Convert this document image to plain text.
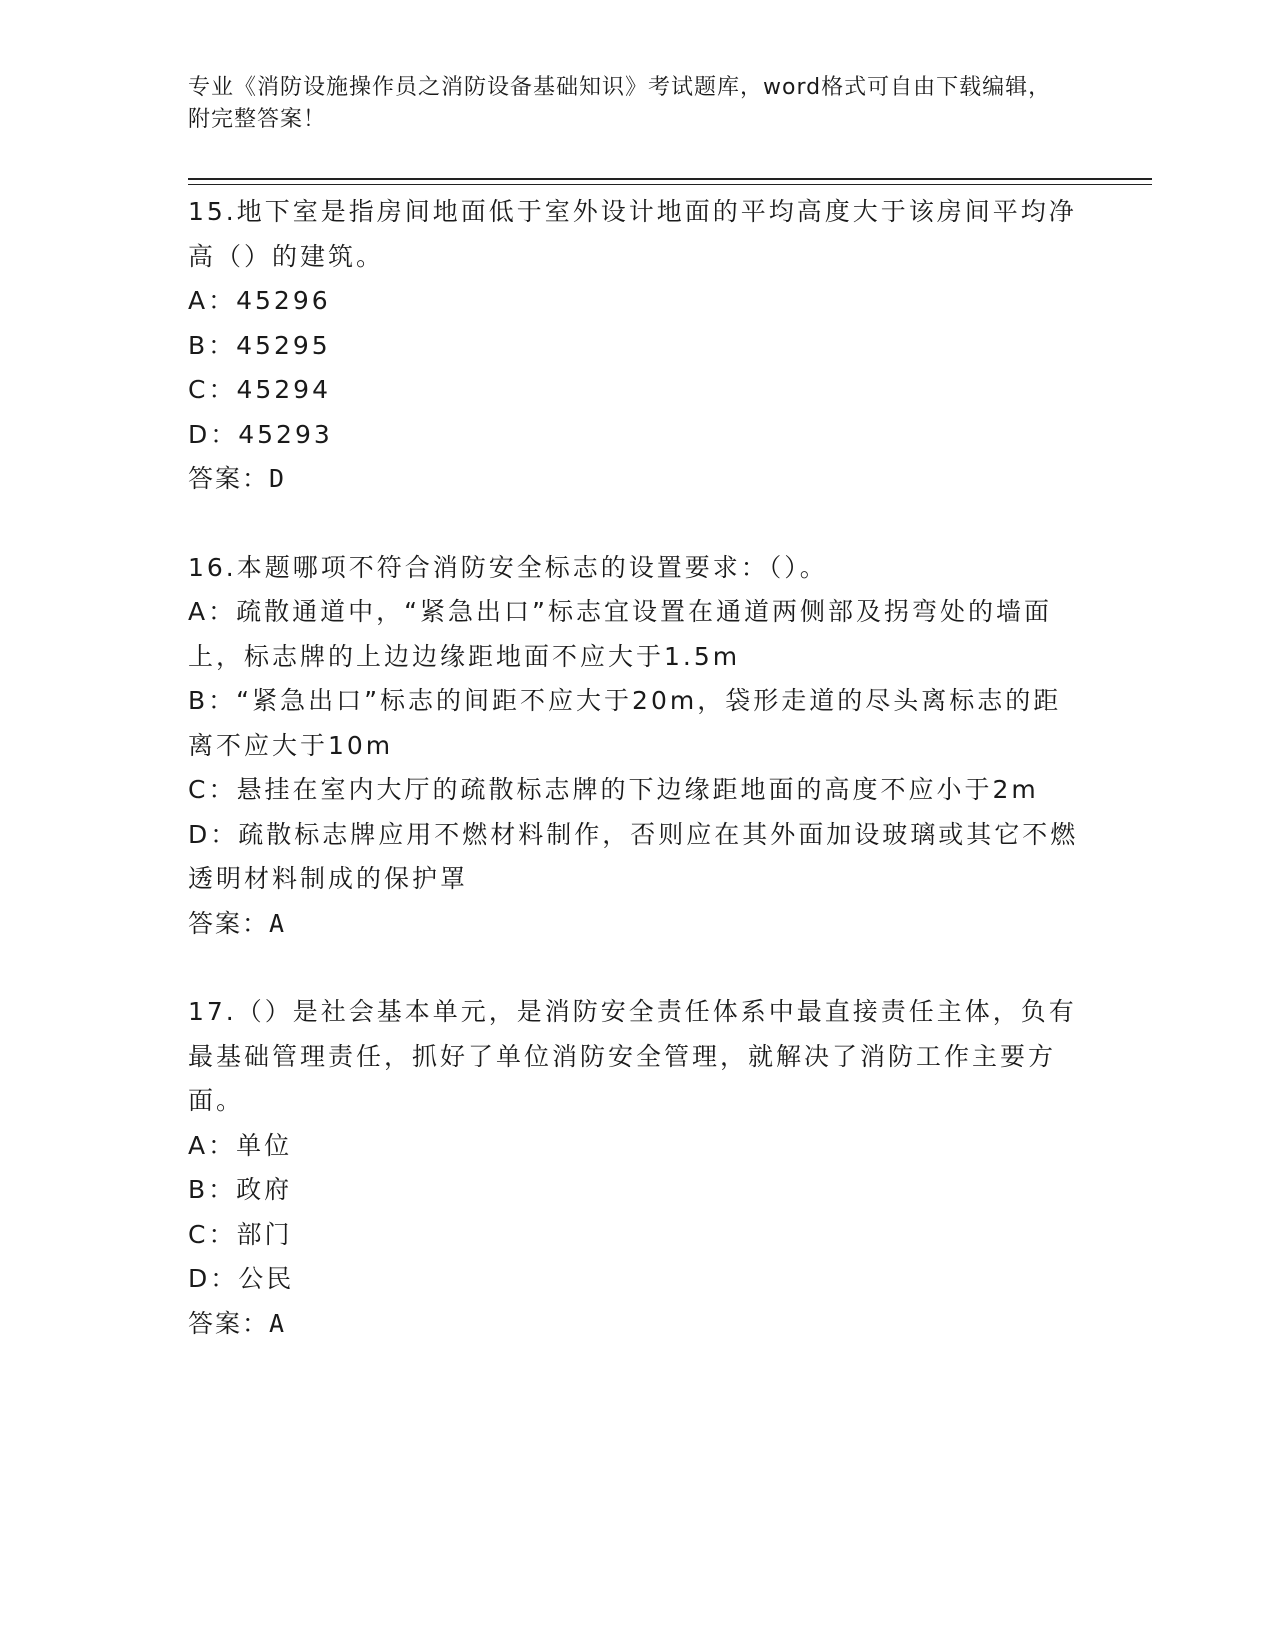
专业《消防设施操作员之消防设备基础知识》考试题库，word格式可自由下载编辑，附完整答案！

15.地下室是指房间地面低于室外设计地面的平均高度大于该房间平均净高（）的建筑。

A：45296

B：45295

C：45294

D：45293

答案：D

16.本题哪项不符合消防安全标志的设置要求：（）。

A：疏散通道中，“紧急出口”标志宜设置在通道两侧部及拐弯处的墙面上，标志牌的上边边缘距地面不应大于1.5m

B：“紧急出口”标志的间距不应大于20m，袋形走道的尽头离标志的距离不应大于10m

C：悬挂在室内大厅的疏散标志牌的下边缘距地面的高度不应小于2m

D：疏散标志牌应用不燃材料制作，否则应在其外面加设玻璃或其它不燃透明材料制成的保护罩

答案：A

17.（）是社会基本单元，是消防安全责任体系中最直接责任主体，负有最基础管理责任，抓好了单位消防安全管理，就解决了消防工作主要方面。

A：单位

B：政府

C：部门

D：公民

答案：A
